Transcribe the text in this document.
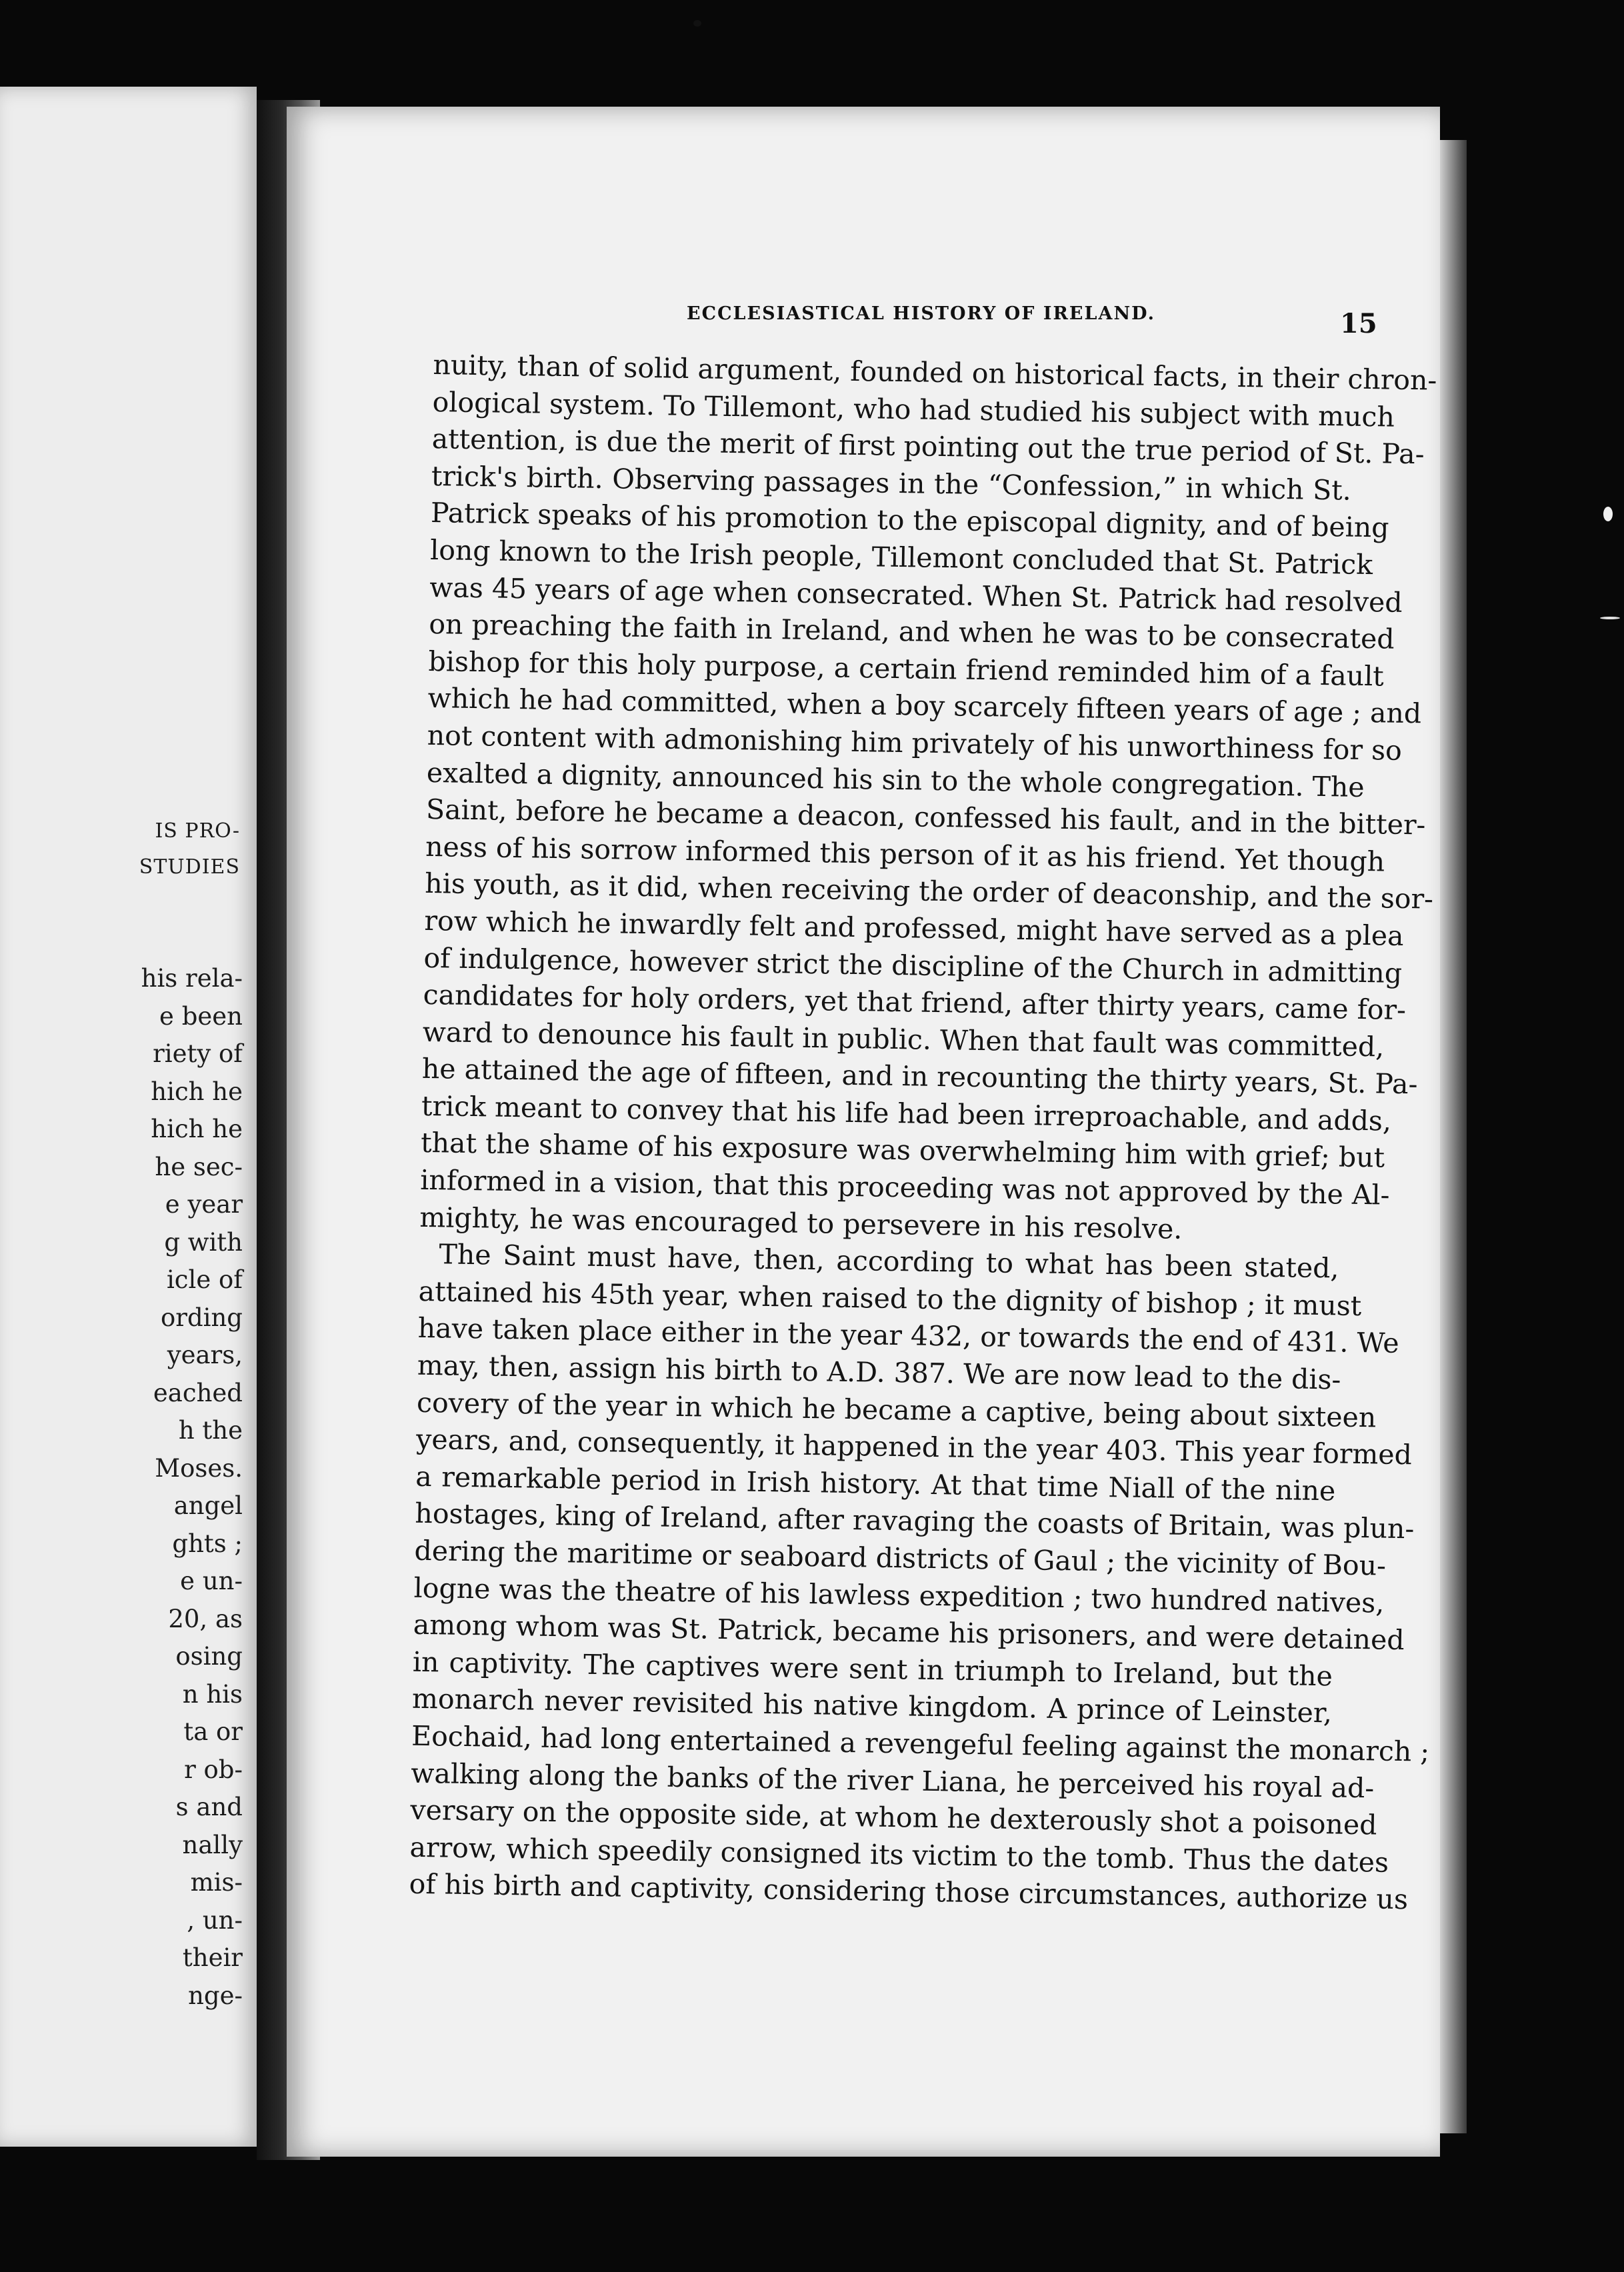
IS PRO-
STUDIES
his rela-
e been
riety of
hich he
hich he
he sec-
e year
g with
icle of
ording
years,
eached
h the
Moses.
angel
ghts ;
e un-
20, as
osing
n his
ta or
r ob-
s and
nally
mis-
, un-
their
nge-
ECCLESIASTICAL HISTORY OF IRELAND.	15
nuity, than of solid argument, founded on historical facts, in their chron-
ological system. To Tillemont, who had studied his subject with much
attention, is due the merit of first pointing out the true period of St. Pa-
trick's birth. Observing passages in the “Confession,” in which St.
Patrick speaks of his promotion to the episcopal dignity, and of being
long known to the Irish people, Tillemont concluded that St. Patrick
was 45 years of age when consecrated. When St. Patrick had resolved
on preaching the faith in Ireland, and when he was to be consecrated
bishop for this holy purpose, a certain friend reminded him of a fault
which he had committed, when a boy scarcely fifteen years of age ; and
not content with admonishing him privately of his unworthiness for so
exalted a dignity, announced his sin to the whole congregation. The
Saint, before he became a deacon, confessed his fault, and in the bitter-
ness of his sorrow informed this person of it as his friend. Yet though
his youth, as it did, when receiving the order of deaconship, and the sor-
row which he inwardly felt and professed, might have served as a plea
of indulgence, however strict the discipline of the Church in admitting
candidates for holy orders, yet that friend, after thirty years, came for-
ward to denounce his fault in public. When that fault was committed,
he attained the age of fifteen, and in recounting the thirty years, St. Pa-
trick meant to convey that his life had been irreproachable, and adds,
that the shame of his exposure was overwhelming him with grief; but
informed in a vision, that this proceeding was not approved by the Al-
mighty, he was encouraged to persevere in his resolve.
The Saint must have, then, according to what has been stated,
attained his 45th year, when raised to the dignity of bishop ; it must
have taken place either in the year 432, or towards the end of 431. We
may, then, assign his birth to A.D. 387. We are now lead to the dis-
covery of the year in which he became a captive, being about sixteen
years, and, consequently, it happened in the year 403. This year formed
a remarkable period in Irish history. At that time Niall of the nine
hostages, king of Ireland, after ravaging the coasts of Britain, was plun-
dering the maritime or seaboard districts of Gaul ; the vicinity of Bou-
logne was the theatre of his lawless expedition ; two hundred natives,
among whom was St. Patrick, became his prisoners, and were detained
in captivity. The captives were sent in triumph to Ireland, but the
monarch never revisited his native kingdom. A prince of Leinster,
Eochaid, had long entertained a revengeful feeling against the monarch ;
walking along the banks of the river Liana, he perceived his royal ad-
versary on the opposite side, at whom he dexterously shot a poisoned
arrow, which speedily consigned its victim to the tomb. Thus the dates
of his birth and captivity, considering those circumstances, authorize us
